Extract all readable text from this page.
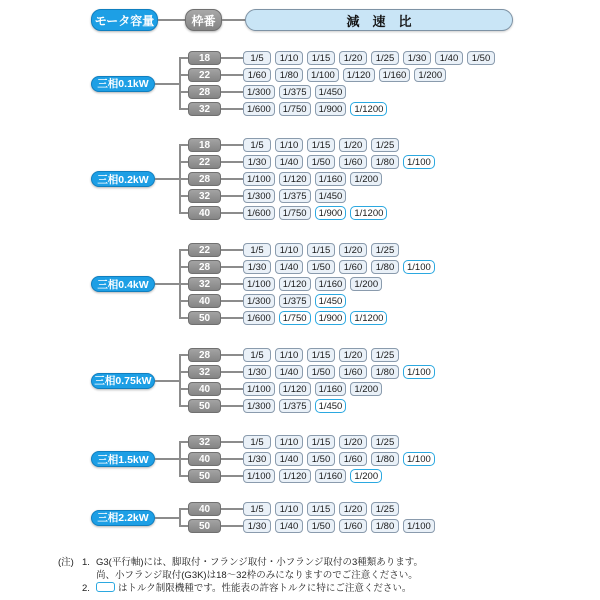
モータ容量	枠番	減速比
三相0.1kW
18	1/5	1/10	1/15	1/20	1/25	1/30	1/40	1/50
22	1/60	1/80	1/100	1/120	1/160	1/200
28	1/300	1/375	1/450
32	1/600	1/750	1/900	1/1200
三相0.2kW
18	1/5	1/10	1/15	1/20	1/25
22	1/30	1/40	1/50	1/60	1/80	1/100
28	1/100	1/120	1/160	1/200
32	1/300	1/375	1/450
40	1/600	1/750	1/900	1/1200
三相0.4kW
22	1/5	1/10	1/15	1/20	1/25
28	1/30	1/40	1/50	1/60	1/80	1/100
32	1/100	1/120	1/160	1/200
40	1/300	1/375	1/450
50	1/600	1/750	1/900	1/1200
三相0.75kW
28	1/5	1/10	1/15	1/20	1/25
32	1/30	1/40	1/50	1/60	1/80	1/100
40	1/100	1/120	1/160	1/200
50	1/300	1/375	1/450
三相1.5kW
32	1/5	1/10	1/15	1/20	1/25
40	1/30	1/40	1/50	1/60	1/80	1/100
50	1/100	1/120	1/160	1/200
三相2.2kW
40	1/5	1/10	1/15	1/20	1/25
50	1/30	1/40	1/50	1/60	1/80	1/100
(注) 1. G3(平行軸)には、脚取付・フランジ取付・小フランジ取付の3種類あります。
尚、小フランジ取付(G3K)は18～32枠のみになりますのでご注意ください。
2.	はトルク制限機種です。性能表の許容トルクに特にご注意ください。
